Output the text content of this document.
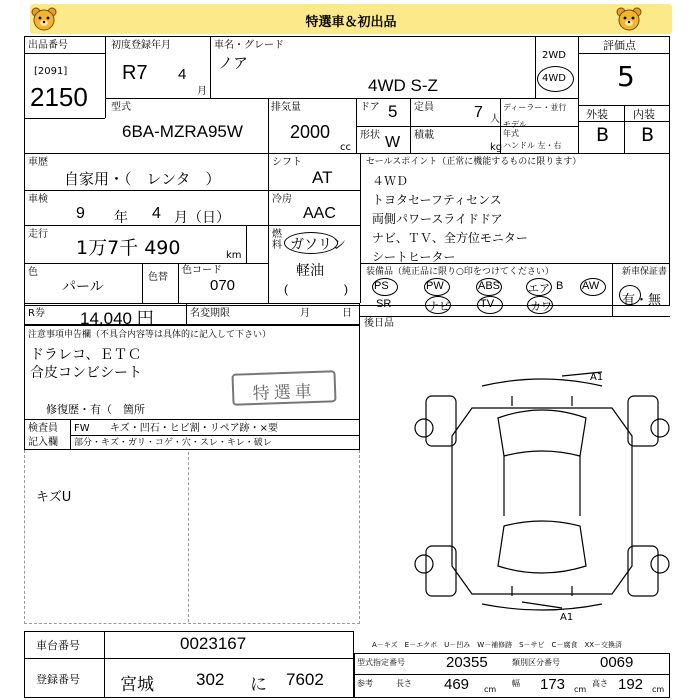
特選車＆初出品
出品番号
[2091]
2150
初度登録年月
R7 4
月
車名・グレード
ノア
4WD S-Z
2WD
4WD
評価点
5
外装 内装
B B
型式
6BA-MZRA95W
排気量
2000
cc
ドア 5
形状 W
定員	7 人
積載
kg
ディーラー・並行
モデル 年式
ハンドル 左・右
車歴
自家用・（　レンタ　）
シフト
AT
セールスポイント（正常に機能するものに限ります）
４ＷＤ
トヨタセーフティセンス
両側パワースライドドア
ナビ、ＴＶ、全方位モニター
シートヒーター
車検
9 年 4 月（日）
冷房
AAC
走行
1万7千 490	km
燃料 ガソリン
軽油
(	)
色
パール
色替
色コード
070
装備品（純正品に限り○印をつけてください）	新車保証書
有・無
PS	PW	ABS	エア	AW
B
SR	ナビ	TV	カワ
R券 14,040 円	名変期限	月	日
後日品
注意事項申告欄（不具合内容等は具体的に記入して下さい）
ドラレコ、ＥＴＣ
合皮コンビシート
特選車
修復歴・有（　箇所
検査員
記入欄
FW キズ・凹石・ヒビ割・リペア跡・×要
部分・キズ・ガリ・コゲ・穴・スレ・キレ・破レ
キズU
A1
A1
A－キズ　E－エクボ　U－凹み　W－補修跡　S－サビ　C－腐食　XX－交換済
車台番号	0023167
登録番号 宮城 302 に 7602
型式指定番号	20355	類別区分番号	0069
参考	長さ 469 cm
幅 173 cm
高さ 192 cm
